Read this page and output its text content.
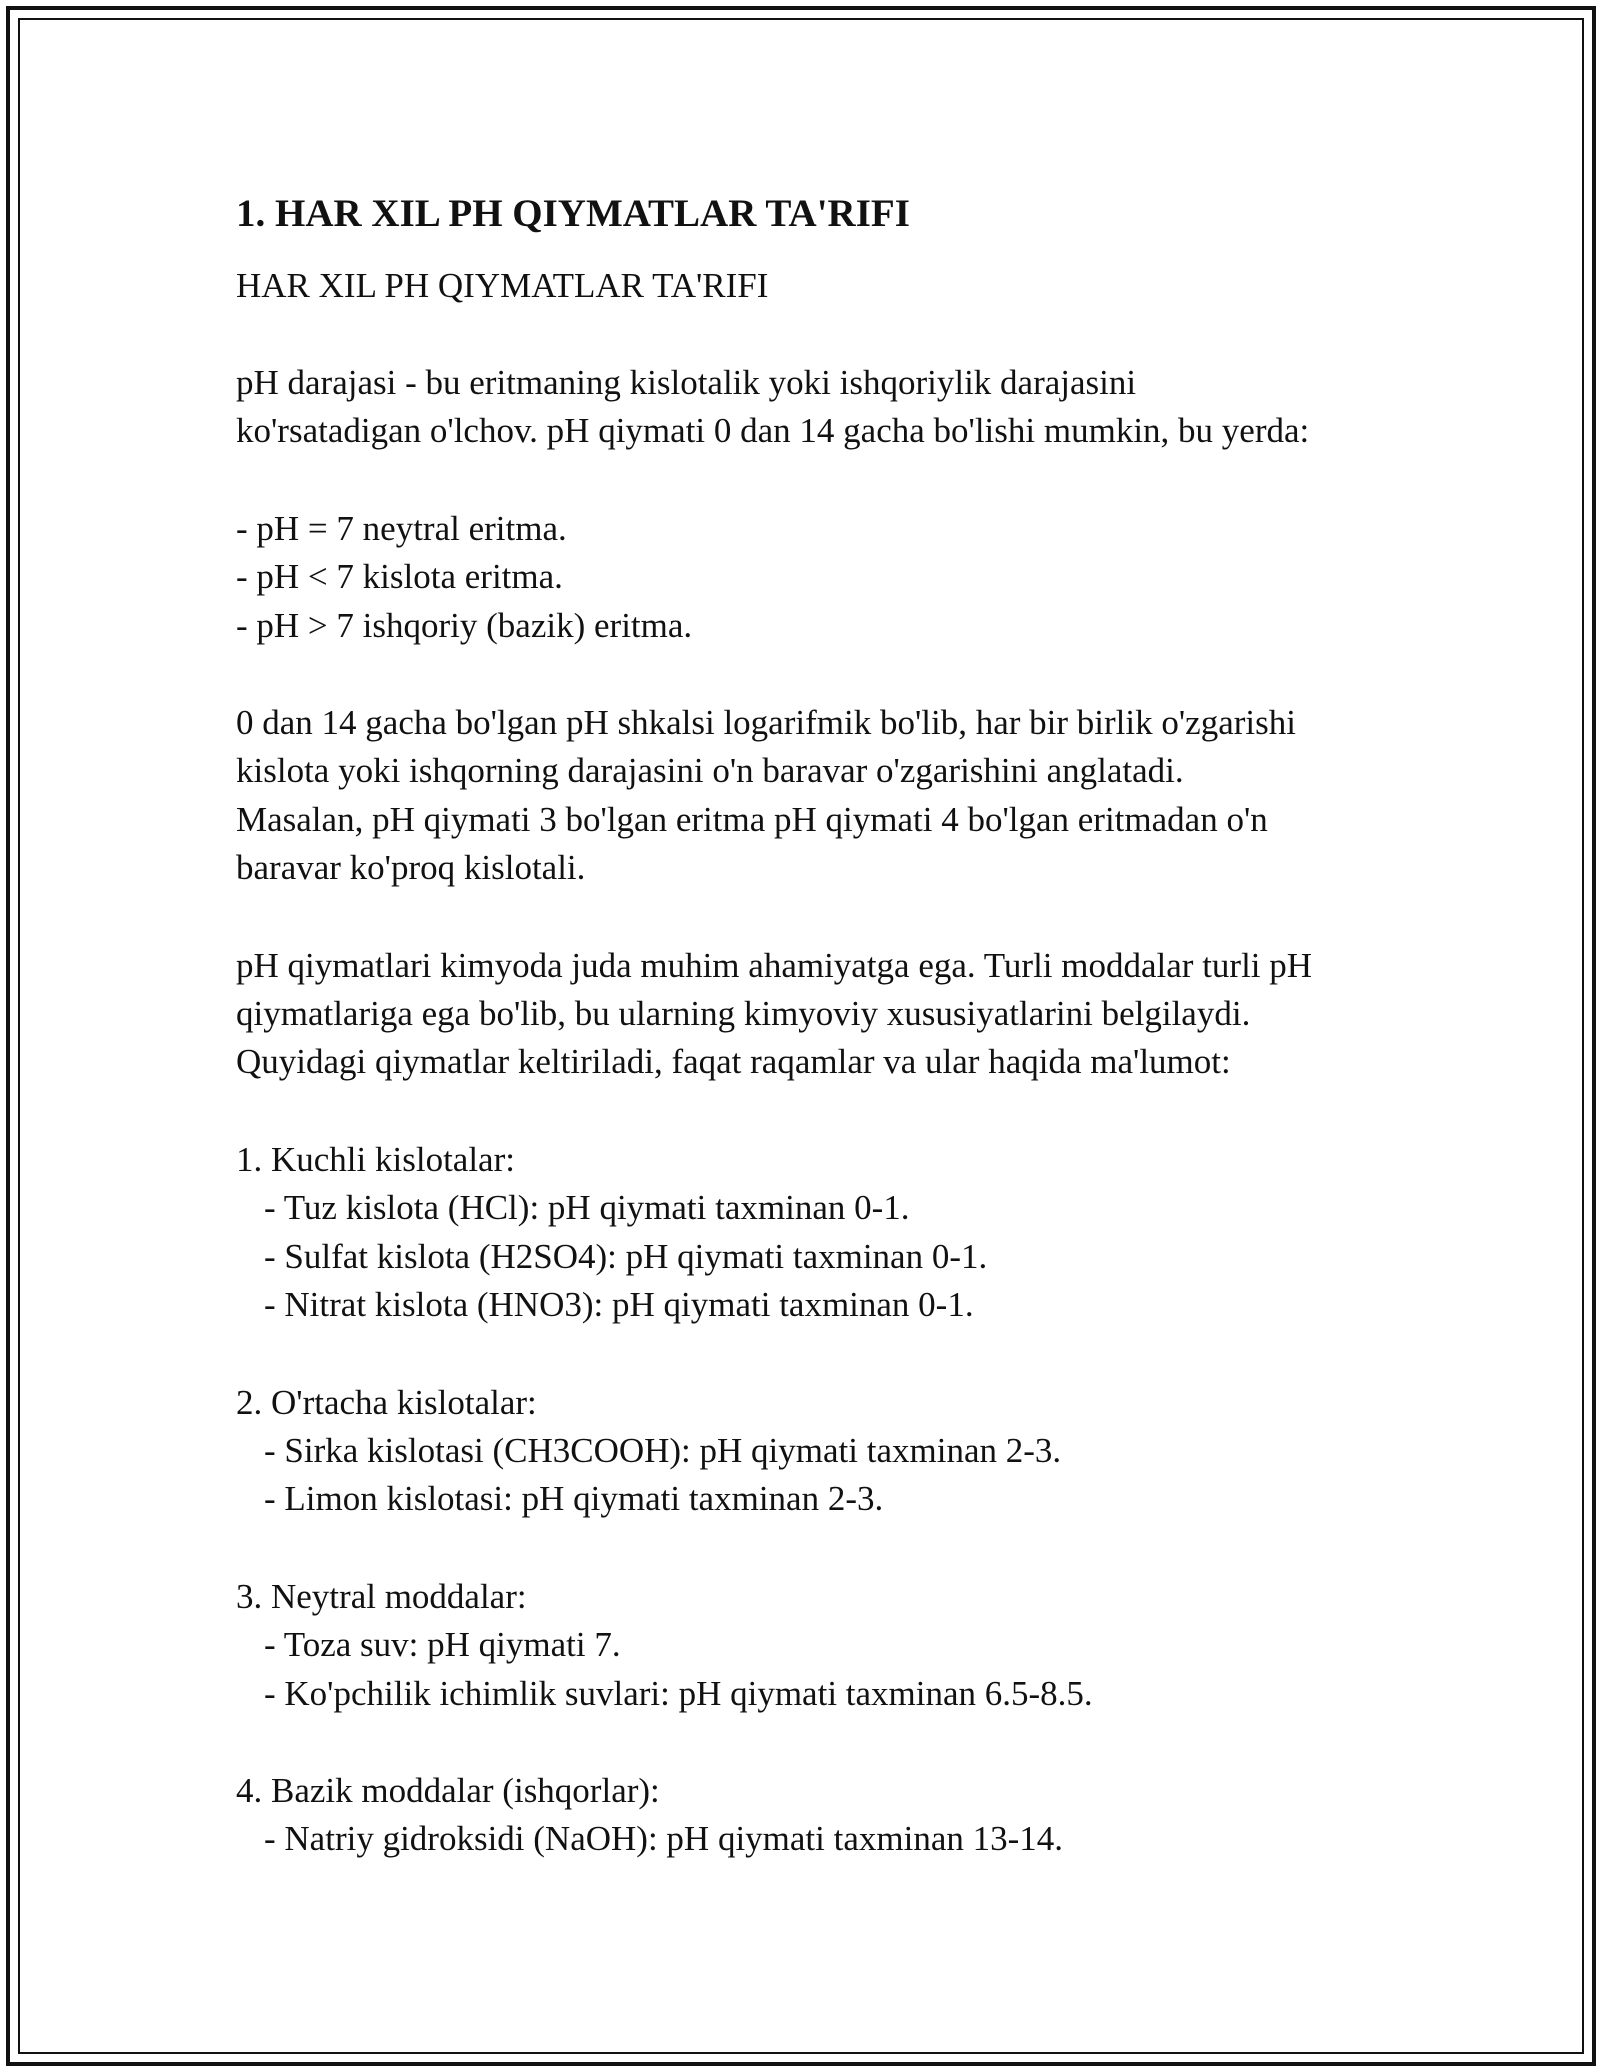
1. HAR XIL PH QIYMATLAR TA'RIFI
HAR XIL PH QIYMATLAR TA'RIFI
pH darajasi - bu eritmaning kislotalik yoki ishqoriylik darajasini
ko'rsatadigan o'lchov. pH qiymati 0 dan 14 gacha bo'lishi mumkin, bu yerda:
- pH = 7 neytral eritma.
- pH < 7 kislota eritma.
- pH > 7 ishqoriy (bazik) eritma.
0 dan 14 gacha bo'lgan pH shkalsi logarifmik bo'lib, har bir birlik o'zgarishi
kislota yoki ishqorning darajasini o'n baravar o'zgarishini anglatadi.
Masalan, pH qiymati 3 bo'lgan eritma pH qiymati 4 bo'lgan eritmadan o'n
baravar ko'proq kislotali.
pH qiymatlari kimyoda juda muhim ahamiyatga ega. Turli moddalar turli pH
qiymatlariga ega bo'lib, bu ularning kimyoviy xususiyatlarini belgilaydi.
Quyidagi qiymatlar keltiriladi, faqat raqamlar va ular haqida ma'lumot:
1. Kuchli kislotalar:
- Tuz kislota (HCl): pH qiymati taxminan 0-1.
- Sulfat kislota (H2SO4): pH qiymati taxminan 0-1.
- Nitrat kislota (HNO3): pH qiymati taxminan 0-1.
2. O'rtacha kislotalar:
- Sirka kislotasi (CH3COOH): pH qiymati taxminan 2-3.
- Limon kislotasi: pH qiymati taxminan 2-3.
3. Neytral moddalar:
- Toza suv: pH qiymati 7.
- Ko'pchilik ichimlik suvlari: pH qiymati taxminan 6.5-8.5.
4. Bazik moddalar (ishqorlar):
- Natriy gidroksidi (NaOH): pH qiymati taxminan 13-14.
